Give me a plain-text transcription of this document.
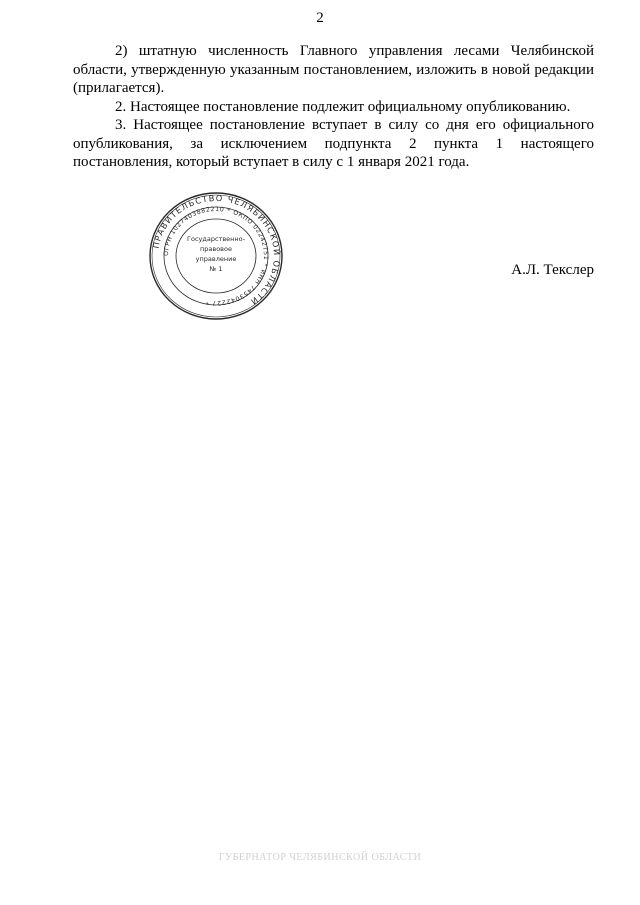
2

2) штатную численность Главного управления лесами Челябинской области, утвержденную указанным постановлением, изложить в новой редакции (прилагается).

2. Настоящее постановление подлежит официальному опубликованию.

3. Настоящее постановление вступает в силу со дня его официального опубликования, за исключением подпункта 2 пункта 1 настоящего постановления, который вступает в силу с 1 января 2021 года.

ПРАВИТЕЛЬСТВО ЧЕЛЯБИНСКОЙ ОБЛАСТИ
ОГРН 1027403882210 * ОКПО 02242751 * ИНН 7453042227 *
Государственно-
правовое
управление
№ 1	А.Л. Текслер
ГУБЕРНАТОР ЧЕЛЯБИНСКОЙ ОБЛАСТИ
